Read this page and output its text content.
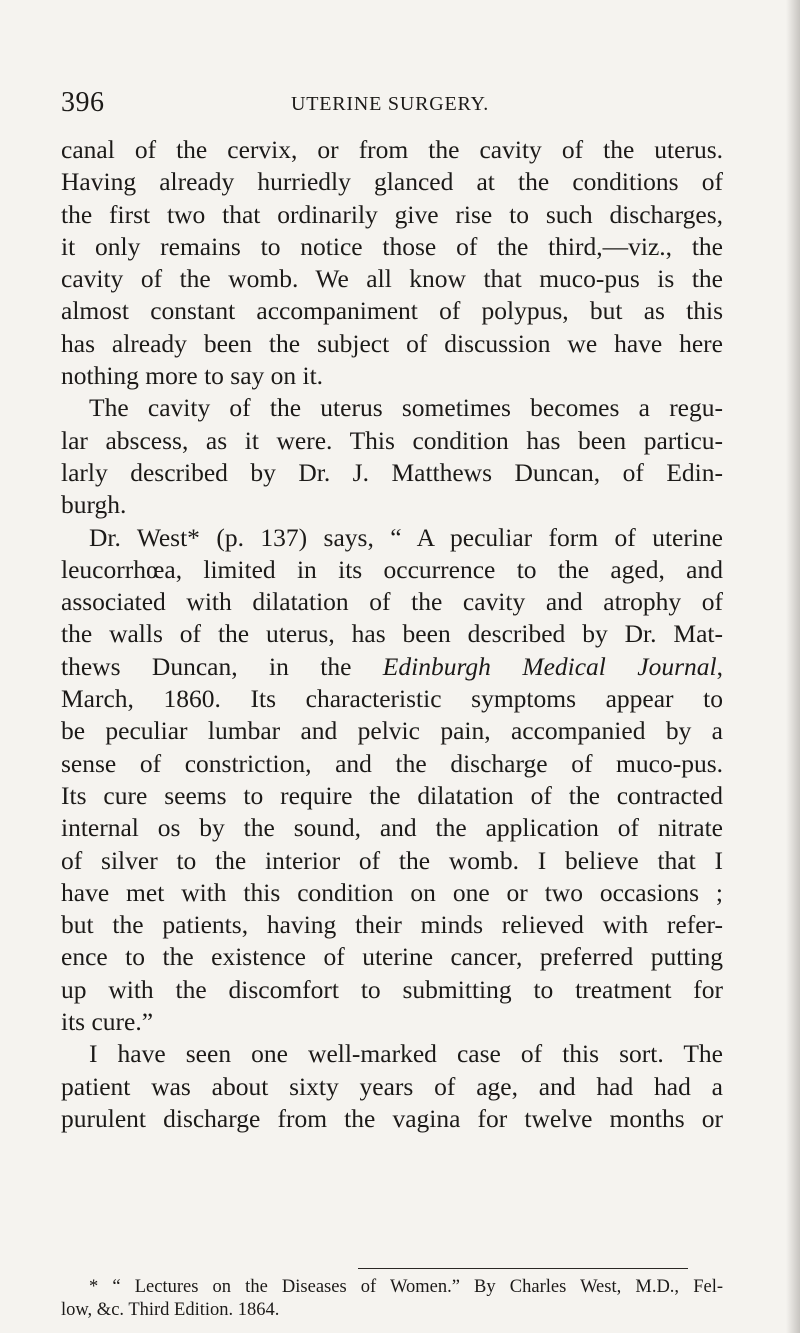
396	UTERINE SURGERY.
canal of the cervix, or from the cavity of the uterus.
Having already hurriedly glanced at the conditions of
the first two that ordinarily give rise to such discharges,
it only remains to notice those of the third,—viz., the
cavity of the womb. We all know that muco-pus is the
almost constant accompaniment of polypus, but as this
has already been the subject of discussion we have here
nothing more to say on it.
The cavity of the uterus sometimes becomes a regu-
lar abscess, as it were. This condition has been particu-
larly described by Dr. J. Matthews Duncan, of Edin-
burgh.
Dr. West* (p. 137) says, “ A peculiar form of uterine
leucorrhœa, limited in its occurrence to the aged, and
associated with dilatation of the cavity and atrophy of
the walls of the uterus, has been described by Dr. Mat-
thews Duncan, in the Edinburgh Medical Journal,
March, 1860. Its characteristic symptoms appear to
be peculiar lumbar and pelvic pain, accompanied by a
sense of constriction, and the discharge of muco-pus.
Its cure seems to require the dilatation of the contracted
internal os by the sound, and the application of nitrate
of silver to the interior of the womb. I believe that I
have met with this condition on one or two occasions ;
but the patients, having their minds relieved with refer-
ence to the existence of uterine cancer, preferred putting
up with the discomfort to submitting to treatment for
its cure.”
I have seen one well-marked case of this sort. The
patient was about sixty years of age, and had had a
purulent discharge from the vagina for twelve months or
* “ Lectures on the Diseases of Women.” By Charles West, M.D., Fel-
low, &c. Third Edition. 1864.
